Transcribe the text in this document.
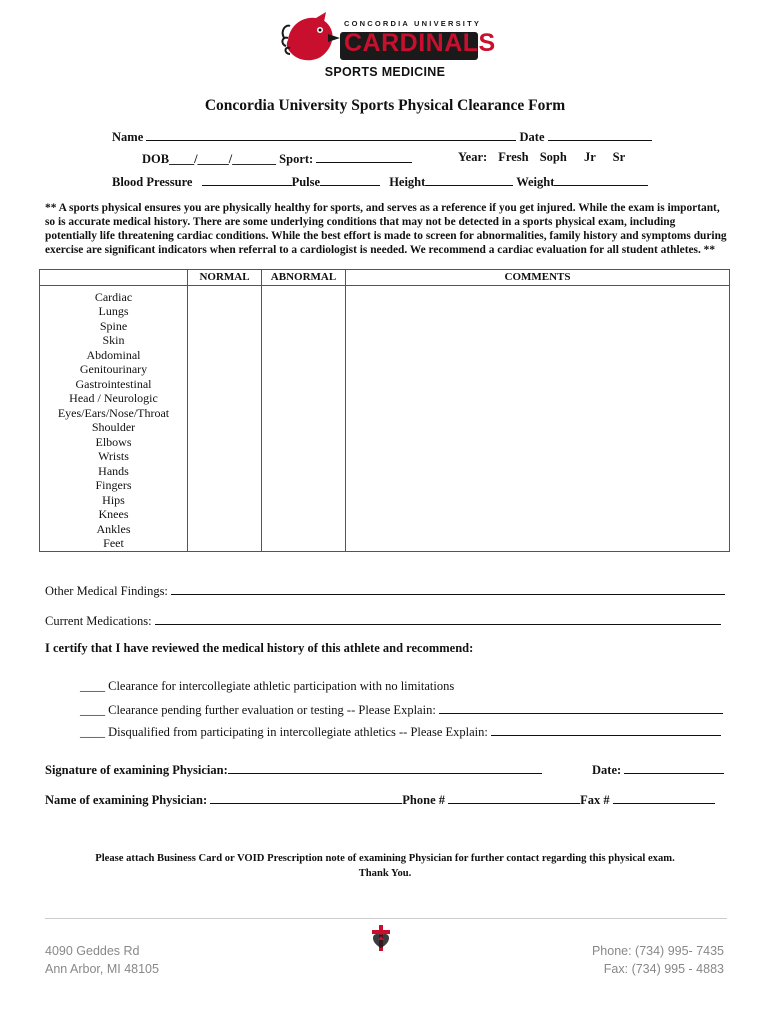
CONCORDIA UNIVERSITY
CARDINALS
SPORTS MEDICINE
Concordia University Sports Physical Clearance Form
Name	Date
DOB____/_____/_______ Sport:	Year: Fresh Soph Jr Sr
Blood Pressure	Pulse	Height	Weight
** A sports physical ensures you are physically healthy for sports, and serves as a reference if you get injured. While the exam is important, so is accurate medical history. There are some underlying conditions that may not be detected in a sports physical exam, including potentially life threatening cardiac conditions. While the best effort is made to screen for abnormalities, family history and symptoms during exercise are significant indicators when referral to a cardiologist is needed. We recommend a cardiac evaluation for all student athletes. **
	NORMAL	ABNORMAL	COMMENTS

Cardiac			
Lungs			
Spine			
Skin			
Abdominal			
Genitourinary			
Gastrointestinal			
Head / Neurologic			
Eyes/Ears/Nose/Throat			
Shoulder			
Elbows			
Wrists			
Hands			
Fingers			
Hips			
Knees			
Ankles			
Feet			
Other Medical Findings:
Current Medications:
I certify that I have reviewed the medical history of this athlete and recommend:
____ Clearance for intercollegiate athletic participation with no limitations
____ Clearance pending further evaluation or testing -- Please Explain:
____ Disqualified from participating in intercollegiate athletics -- Please Explain:
Signature of examining Physician:	Date:
Name of examining Physician:	Phone #	Fax #
Please attach Business Card or VOID Prescription note of examining Physician for further contact regarding this physical exam.
Thank You.
4090 Geddes Rd
Ann Arbor, MI 48105
Phone: (734) 995- 7435
Fax: (734) 995 - 4883
